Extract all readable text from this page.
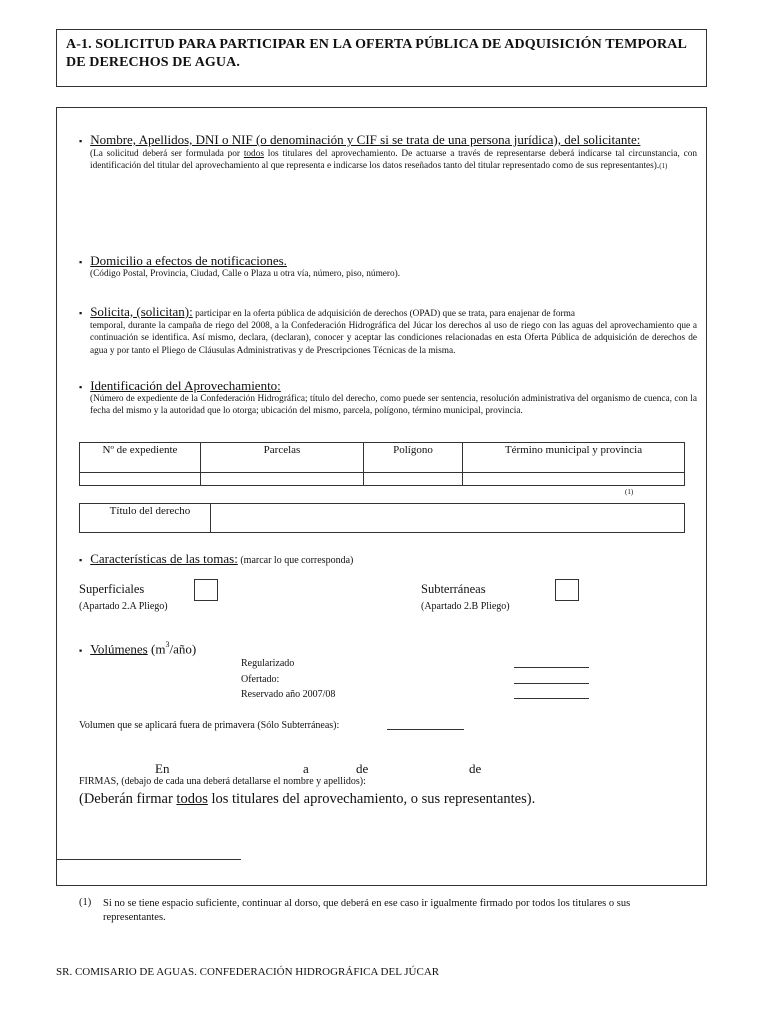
A-1. SOLICITUD PARA PARTICIPAR EN LA OFERTA PÚBLICA DE ADQUISICIÓN TEMPORAL DE DERECHOS DE AGUA.
▪ Nombre, Apellidos, DNI o NIF (o denominación y CIF si se trata de una persona jurídica), del solicitante:
(La solicitud deberá ser formulada por todos los titulares del aprovechamiento. De actuarse a través de representarse deberá indicarse tal circunstancia, con identificación del titular del aprovechamiento al que representa e indicarse los datos reseñados tanto del titular representado como de sus representantes).(1)
▪ Domicilio a efectos de notificaciones.
(Código Postal, Provincia, Ciudad, Calle o Plaza u otra vía, número, piso, número).
▪ Solicita, (solicitan): participar en la oferta pública de adquisición de derechos (OPAD) que se trata, para enajenar de forma
temporal, durante la campaña de riego del 2008, a la Confederación Hidrográfica del Júcar los derechos al uso de riego con las aguas del aprovechamiento que a continuación se identifica. Así mismo, declara, (declaran), conocer y aceptar las condiciones relacionadas en esta Oferta Pública de adquisición de derechos de agua y por tanto el Pliego de Cláusulas Administrativas y de Prescripciones Técnicas de la misma.
▪ Identificación del Aprovechamiento:
(Número de expediente de la Confederación Hidrográfica; título del derecho, como puede ser sentencia, resolución administrativa del organismo de cuenca, con la fecha del mismo y la autoridad que lo otorga; ubicación del mismo, parcela, polígono, término municipal, provincia.
Nº de expediente	Parcelas	Polígono	Término municipal y provincia

(1)
Título del derecho	
▪ Características de las tomas: (marcar lo que corresponda)
Superficiales
(Apartado 2.A Pliego)
Subterráneas
(Apartado 2.B Pliego)
▪ Volúmenes $(m^3/año)$
Regularizado
Ofertado:
Reservado año 2007/08
Volumen que se aplicará fuera de primavera (Sólo Subterráneas):
En	a	de	de
FIRMAS, (debajo de cada una deberá detallarse el nombre y apellidos):
(Deberán firmar todos los titulares del aprovechamiento, o sus representantes).
(1) Si no se tiene espacio suficiente, continuar al dorso, que deberá en ese caso ir igualmente firmado por todos los titulares o sus representantes.
SR. COMISARIO DE AGUAS. CONFEDERACIÓN HIDROGRÁFICA DEL JÚCAR
